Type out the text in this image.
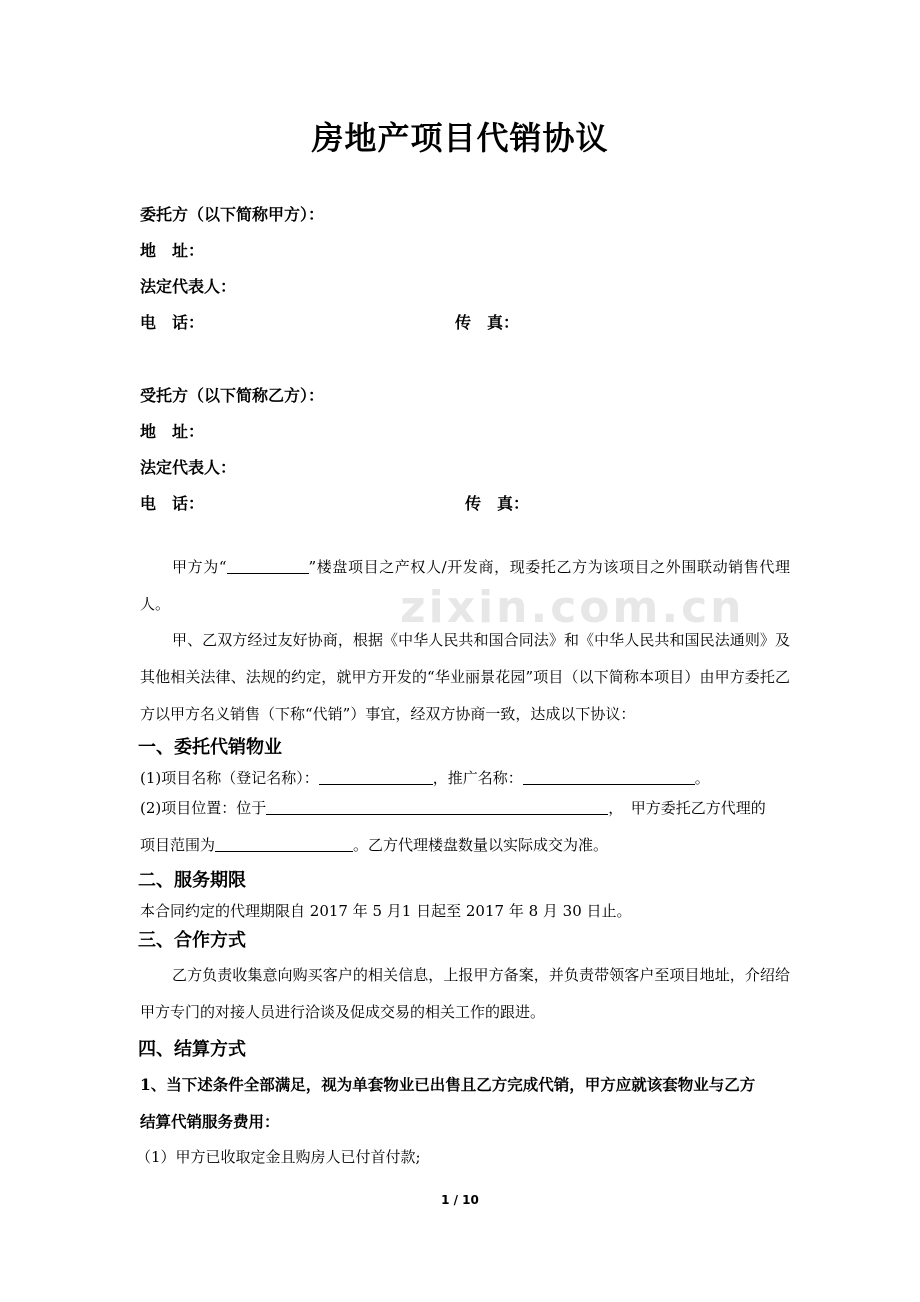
房地产项目代销协议
委托方（以下简称甲方）：
地　址：
法定代表人：
电　话：	传　真：
受托方（以下简称乙方）：
地　址：
法定代表人：
电　话：	传　真：
甲方为“	”楼盘项目之产权人/开发商，现委托乙方为该项目之外围联动销售代理人。
甲、乙双方经过友好协商，根据《中华人民共和国合同法》和《中华人民共和国民法通则》及其他相关法律、法规的约定，就甲方开发的“华业丽景花园”项目（以下简称本项目）由甲方委托乙方以甲方名义销售（下称“代销”）事宜，经双方协商一致，达成以下协议：
一、委托代销物业
(1)项目名称（登记名称）：	，推广名称：	。
(2)项目位置：位于	，　甲方委托乙方代理的
项目范围为	。乙方代理楼盘数量以实际成交为准。
二、服务期限
本合同约定的代理期限自 2017 年 5 月1 日起至 2017 年 8 月 30 日止。
三、合作方式
乙方负责收集意向购买客户的相关信息，上报甲方备案，并负责带领客户至项目地址，介绍给甲方专门的对接人员进行洽谈及促成交易的相关工作的跟进。
四、结算方式
1、当下述条件全部满足，视为单套物业已出售且乙方完成代销，甲方应就该套物业与乙方
结算代销服务费用：
（1）甲方已收取定金且购房人已付首付款;
zixin.com.cn
1 / 10
